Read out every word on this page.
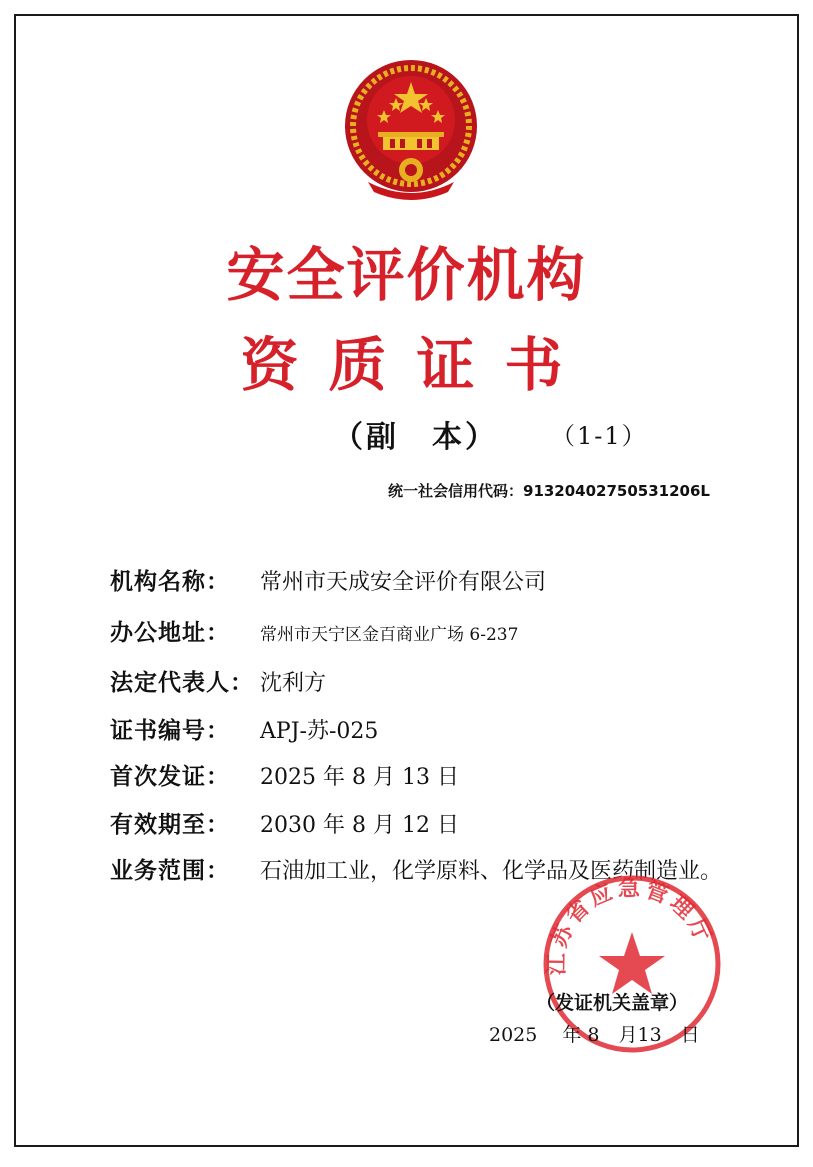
安全评价机构
资质证书
（副　本） （1-1）
统一社会信用代码：91320402750531206L
机构名称：	常州市天成安全评价有限公司
办公地址：	常州市天宁区金百商业广场 6-237
法定代表人： 沈利方
证书编号：	APJ-苏-025
首次发证：	2025 年 8 月 13 日
有效期至：	2030 年 8 月 12 日
业务范围：	石油加工业，化学原料、化学品及医药制造业。
江苏省应急管理厅
（发证机关盖章）
2025　 年 8　月13　日
